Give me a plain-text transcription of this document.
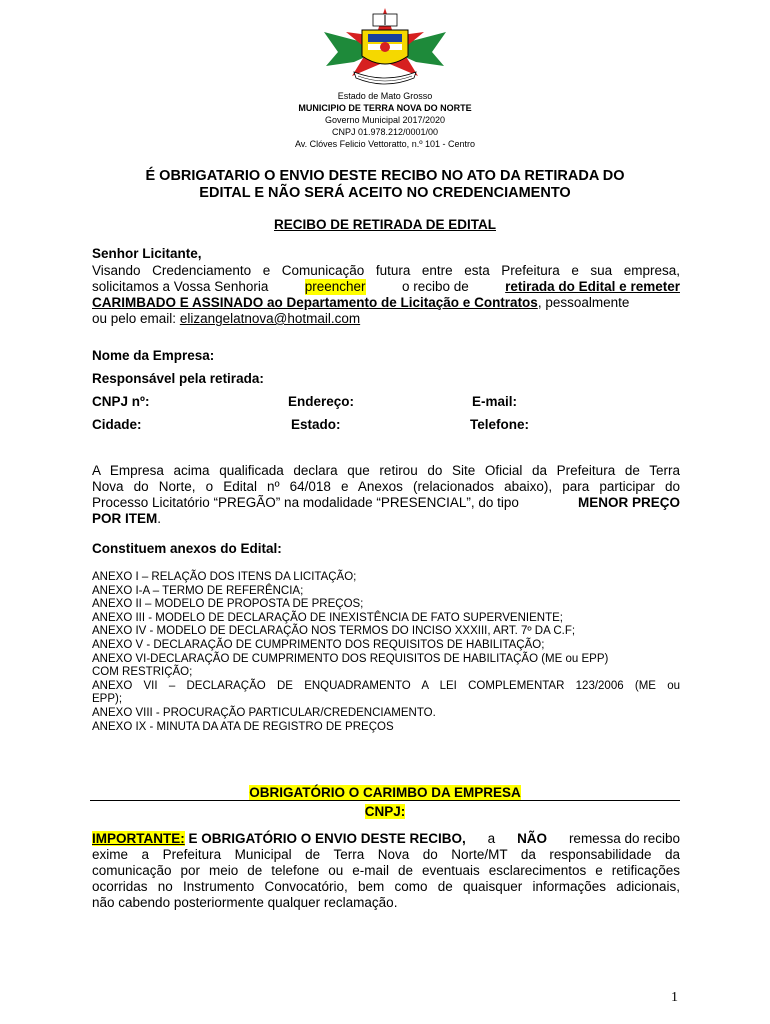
Estado de Mato Grosso
MUNICIPIO DE TERRA NOVA DO NORTE
Governo Municipal 2017/2020
CNPJ 01.978.212/0001/00
Av. Clóves Felicio Vettoratto, n.º 101 - Centro
É OBRIGATARIO O ENVIO DESTE RECIBO NO ATO DA RETIRADA DO
EDITAL E NÃO SERÁ ACEITO NO CREDENCIAMENTO
RECIBO DE RETIRADA DE EDITAL
Senhor Licitante,
Visando Credenciamento e Comunicação futura entre esta Prefeitura e sua empresa,
solicitamos a Vossa Senhoria	preencher	o recibo de	retirada do Edital e remeter
CARIMBADO E ASSINADO ao Departamento de Licitação e Contratos, pessoalmente
ou pelo email: elizangelatnova@hotmail.com
Nome da Empresa:
Responsável pela retirada:
CNPJ nº:	Endereço:	E-mail:
Cidade:	Estado:	Telefone:
A Empresa acima qualificada declara que retirou do Site Oficial da Prefeitura de Terra
Nova do Norte, o Edital nº 64/018 e Anexos (relacionados abaixo), para participar do
Processo Licitatório “PREGÃO” na modalidade “PRESENCIAL”, do tipo	MENOR PREÇO
POR ITEM.
Constituem anexos do Edital:
ANEXO I – RELAÇÃO DOS ITENS DA LICITAÇÃO;
ANEXO I-A – TERMO DE REFERÊNCIA;
ANEXO II – MODELO DE PROPOSTA DE PREÇOS;
ANEXO III - MODELO DE DECLARAÇÃO DE INEXISTÊNCIA DE FATO SUPERVENIENTE;
ANEXO IV - MODELO DE DECLARAÇÃO NOS TERMOS DO INCISO XXXIII, ART. 7º DA C.F;
ANEXO V - DECLARAÇÃO DE CUMPRIMENTO DOS REQUISITOS DE HABILITAÇÃO;
ANEXO VI-DECLARAÇÃO DE CUMPRIMENTO DOS REQUISITOS DE HABILITAÇÃO (ME ou EPP)
COM RESTRIÇÃO;
ANEXO VII – DECLARAÇÃO DE ENQUADRAMENTO A LEI COMPLEMENTAR 123/2006 (ME ou
EPP);
ANEXO VIII - PROCURAÇÃO PARTICULAR/CREDENCIAMENTO.
ANEXO IX - MINUTA DA ATA DE REGISTRO DE PREÇOS
OBRIGATÓRIO O CARIMBO DA EMPRESA
CNPJ:
IMPORTANTE: E OBRIGATÓRIO O ENVIO DESTE RECIBO, a NÃO remessa do recibo
exime a Prefeitura Municipal de Terra Nova do Norte/MT da responsabilidade da
comunicação por meio de telefone ou e-mail de eventuais esclarecimentos e retificações
ocorridas no Instrumento Convocatório, bem como de quaisquer informações adicionais,
não cabendo posteriormente qualquer reclamação.
1
